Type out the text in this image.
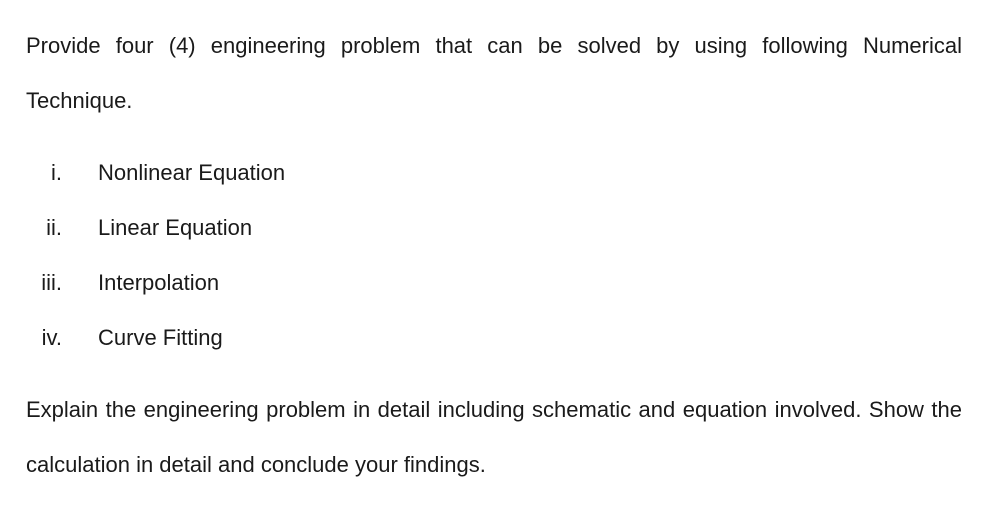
Provide four (4) engineering problem that can be solved by using following Numerical Technique.

i. Nonlinear Equation
ii. Linear Equation
iii. Interpolation
iv. Curve Fitting

Explain the engineering problem in detail including schematic and equation involved. Show the calculation in detail and conclude your findings.
